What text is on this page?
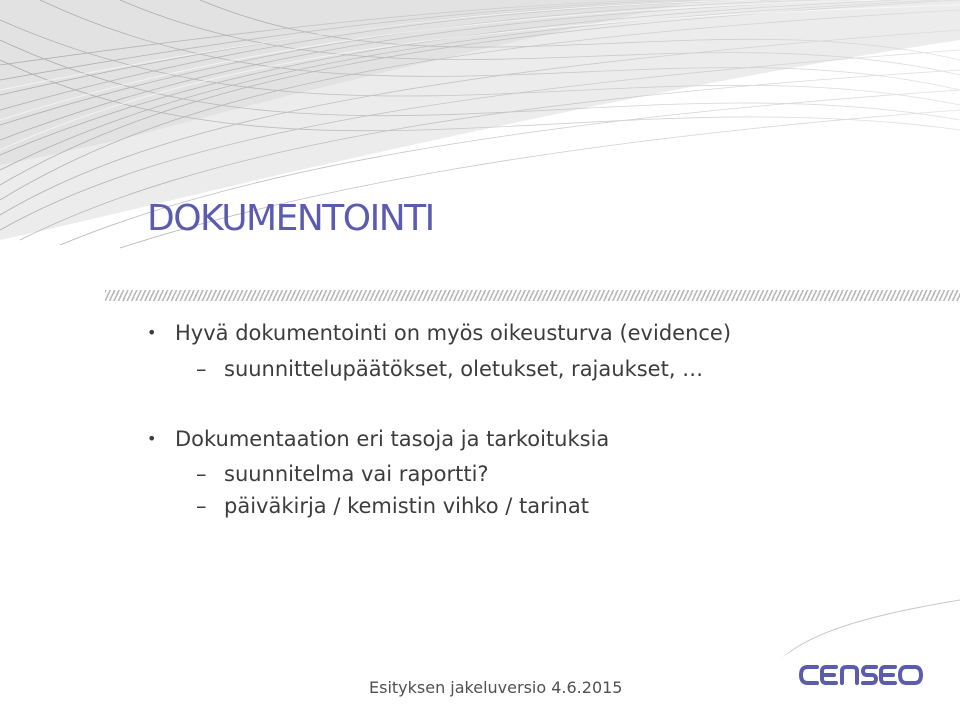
DOKUMENTOINTI
• Hyvä dokumentointi on myös oikeusturva (evidence)
– suunnittelupäätökset, oletukset, rajaukset, …
• Dokumentaation eri tasoja ja tarkoituksia
– suunnitelma vai raportti?
– päiväkirja / kemistin vihko / tarinat
Esityksen jakeluversio 4.6.2015
